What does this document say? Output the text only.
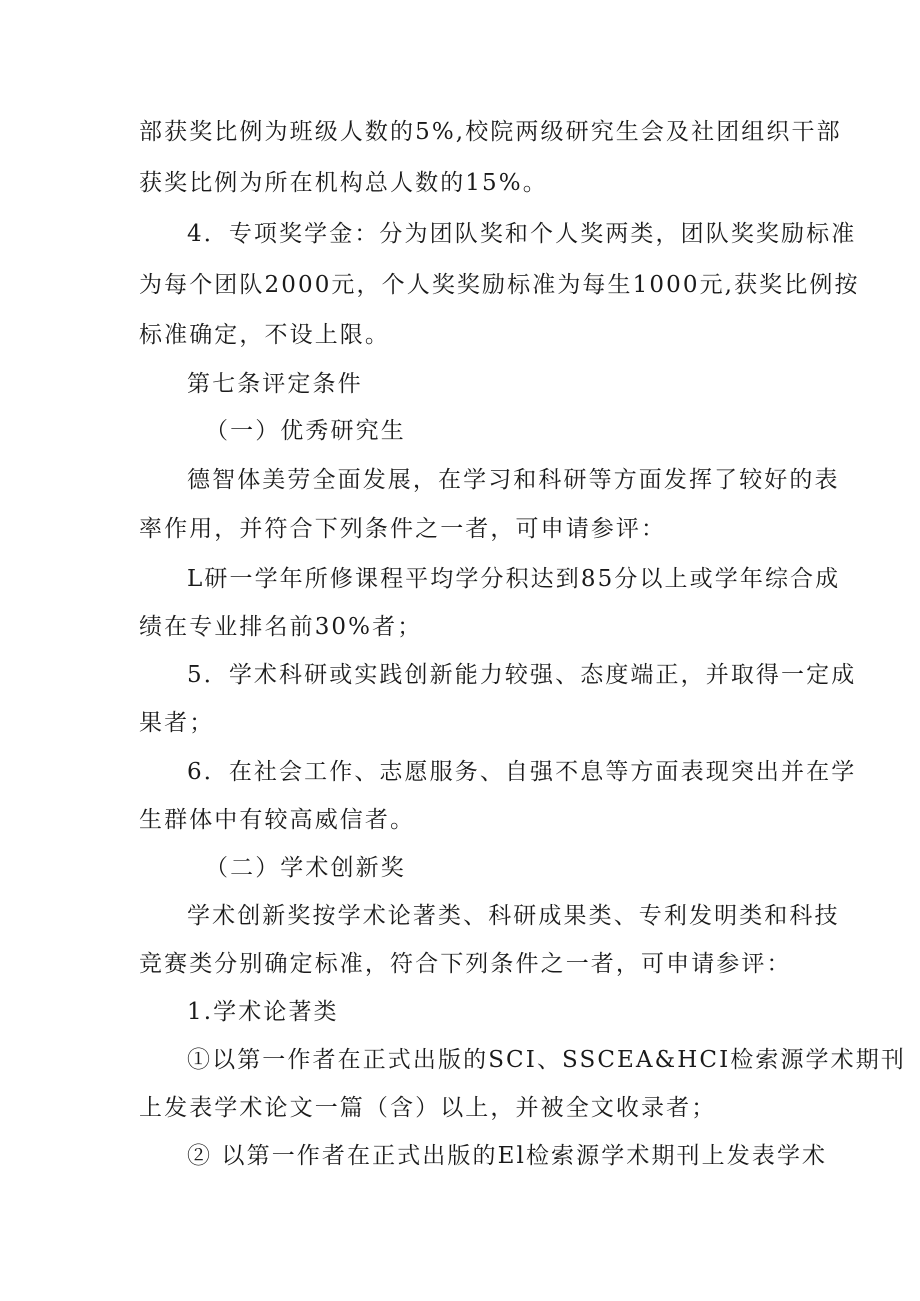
部获奖比例为班级人数的5%,校院两级研究生会及社团组织干部
获奖比例为所在机构总人数的15%。
4．专项奖学金：分为团队奖和个人奖两类，团队奖奖励标准
为每个团队2000元，个人奖奖励标准为每生1000元,获奖比例按
标准确定，不设上限。
第七条评定条件
（一）优秀研究生
德智体美劳全面发展，在学习和科研等方面发挥了较好的表
率作用，并符合下列条件之一者，可申请参评：
L研一学年所修课程平均学分积达到85分以上或学年综合成
绩在专业排名前30%者；
5．学术科研或实践创新能力较强、态度端正，并取得一定成
果者；
6．在社会工作、志愿服务、自强不息等方面表现突出并在学
生群体中有较高威信者。
（二）学术创新奖
学术创新奖按学术论著类、科研成果类、专利发明类和科技
竞赛类分别确定标准，符合下列条件之一者，可申请参评：
1.学术论著类
①以第一作者在正式出版的SCI、SSCEA&HCI检索源学术期刊
上发表学术论文一篇（含）以上，并被全文收录者；
② 以第一作者在正式出版的El检索源学术期刊上发表学术
